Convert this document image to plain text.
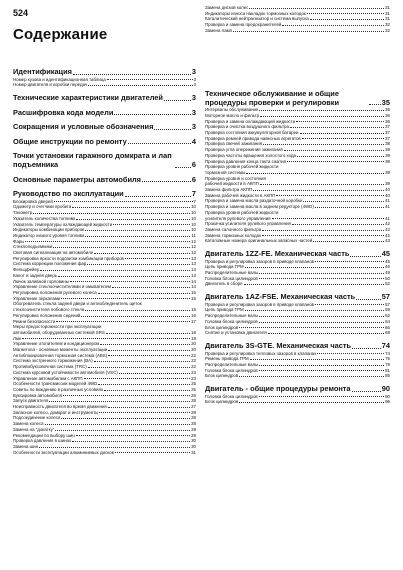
524
Содержание
Замена дисков колес	31
Индикаторы износа накладок тормозных колодок	31
Каталитический нейтрализатор и система выпуска	31
Проверка и замена предохранителей	32
Замена ламп	32
Идентификация	3
Номер кузова и идентификационная таблица	3
Номер двигателя и коробки передач	3
Технические характеристики двигателей	3
Расшифровка кода модели	3
Сокращения и условные обозначения	3
Общие инструкции по ремонту	4
Точки установки гаражного домкрата и лап подъемника	6
Основные параметры автомобиля	6
Руководство по эксплуатации	7
Блокировка дверей	7
Одометр и счетчики пробега	10
Тахометр	10
Указатель количества топлива	10
Указатель температуры охлаждающей жидкости	10
Индикаторы комбинации приборов	10
Индикатор низкого уровня топлива	11
Фары	12
Стеклоподъемники	12
Световая сигнализация на автомобиле	12
Регулировка яркости подсветки комбинации приборов	13
Система коррекции положения фар	13
Фельцфейер	13
Капот и задняя дверь	13
Лючок заливной горловины	14
Управление стеклоочистителями и омывателем	14
Регулировка положения рулевого колеса	15
Управление зеркалами	15
Обогреватель стекла задней двери и антиобледенитель щеток
стеклоочистителя лобового стекла	15
Регулировка положения сидений	16
Ремни безопасности	17
Меры предосторожности при эксплуатации
автомобилей, оборудованных системой SRS	18
Люк	19
Управление отопителем и кондиционером	20
Магнитола - основные моменты эксплуатации	20
Антиблокировочная тормозная система (ABS)	22
Система экстренного торможения (BA)	22
Противобуксовочная система (TRC)	22
Система курсовой устойчивости автомобиля (VSC)	23
Управление автомобилем с АКПП	23
Особенности трансмиссии моделей 4WD	25
Советы по вождению в различных условиях	25
Буксировка автомобиля	26
Запуск двигателя	28
Неисправность двигателя во время движения	27
Запасное колесо, домкрат и инструменты	28
Подсоединение колеса	28
Замена колеса	28
Замена на "докатку"	29
Рекомендации по выбору шин	29
Проверка давления в шинах	30
Замена шин	30
Особенности эксплуатации алюминиевых дисков	31
Техническое обслуживание и общие процедуры проверки и регулировки	35
Интервалы обслуживания	35
Моторное масло и фильтр	36
Проверка и замена охлаждающей жидкости	36
Проверка и очистка воздушного фильтра	37
Проверка состояния аккумуляторной батареи	37
Проверка ремней привода навесных агрегатов	37
Проверка свечей зажигания	38
Проверка угла опережения зажигания	39
Проверка частоты вращения холостого хода	39
Проверка давления конца такта сжатия	39
Проверка уровня рабочей жидкости
тормозной системы	39
Проверка уровня и состояния
рабочей жидкости в АКПП	39
Замена фильтра АКПП	40
Замена рабочей жидкости в АКПП	40
Проверка и замена масла раздаточной коробки	41
Проверка и замена масла в заднем редукторе (4WD)	41
Проверка уровня рабочей жидкости
усилителя рулевого управления	41
Прокачка усилителя рулевого управления	42
Замена салонного фильтра	42
Замена тормозных колодок	42
Каталожные номера оригинальных запасных частей	43
Двигатель 1ZZ-FE. Механическая часть	45
Проверка и регулировка зазоров в приводе клапанов	45
Цепь привода ГРМ	46
Распределительные валы	49
Головка блока цилиндров	50
Двигатель в сборе	52
Двигатель 1AZ-FSE. Механическая часть	57
Проверка и регулировка зазоров в приводе клапанов	57
Цепь привода ГРМ	59
Распределительные валы	62
Головка блока цилиндров	64
Блок цилиндров	66
Снятие и установка двигателя	68
Двигатель 3S-GTE. Механическая часть	74
Проверка и регулировка тепловых зазоров в клапанах	74
Ремень привода ГРМ	75
Распределительные валы	78
Головка блока цилиндров	81
Блок цилиндров	85
Двигатель - общие процедуры ремонта	90
Головка блока цилиндров	90
Блок цилиндров	96
